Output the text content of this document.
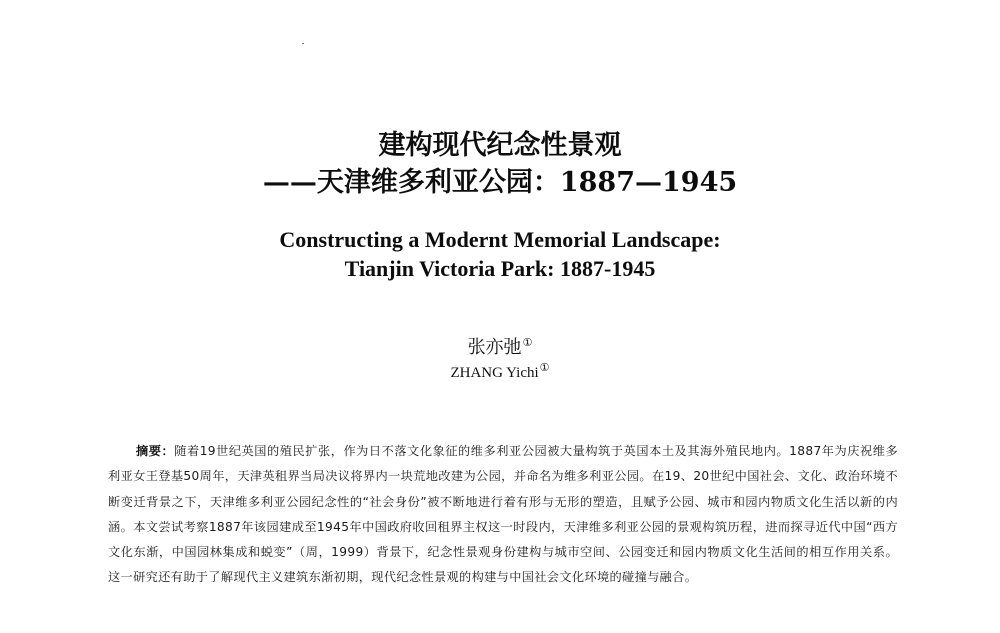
建构现代纪念性景观
——天津维多利亚公园：1887—1945
Constructing a Modernt Memorial Landscape:
Tianjin Victoria Park: 1887-1945
张亦弛①
ZHANG Yichi①
摘要：随着19世纪英国的殖民扩张，作为日不落文化象征的维多利亚公园被大量构筑于英国本土及其海外殖民地内。1887年为庆祝维多利亚女王登基50周年，天津英租界当局决议将界内一块荒地改建为公园，并命名为维多利亚公园。在19、20世纪中国社会、文化、政治环境不断变迁背景之下，天津维多利亚公园纪念性的“社会身份”被不断地进行着有形与无形的塑造，且赋予公园、城市和园内物质文化生活以新的内涵。本文尝试考察1887年该园建成至1945年中国政府收回租界主权这一时段内，天津维多利亚公园的景观构筑历程，进而探寻近代中国“西方文化东渐，中国园林集成和蜕变”（周，1999）背景下，纪念性景观身份建构与城市空间、公园变迁和园内物质文化生活间的相互作用关系。这一研究还有助于了解现代主义建筑东渐初期，现代纪念性景观的构建与中国社会文化环境的碰撞与融合。
